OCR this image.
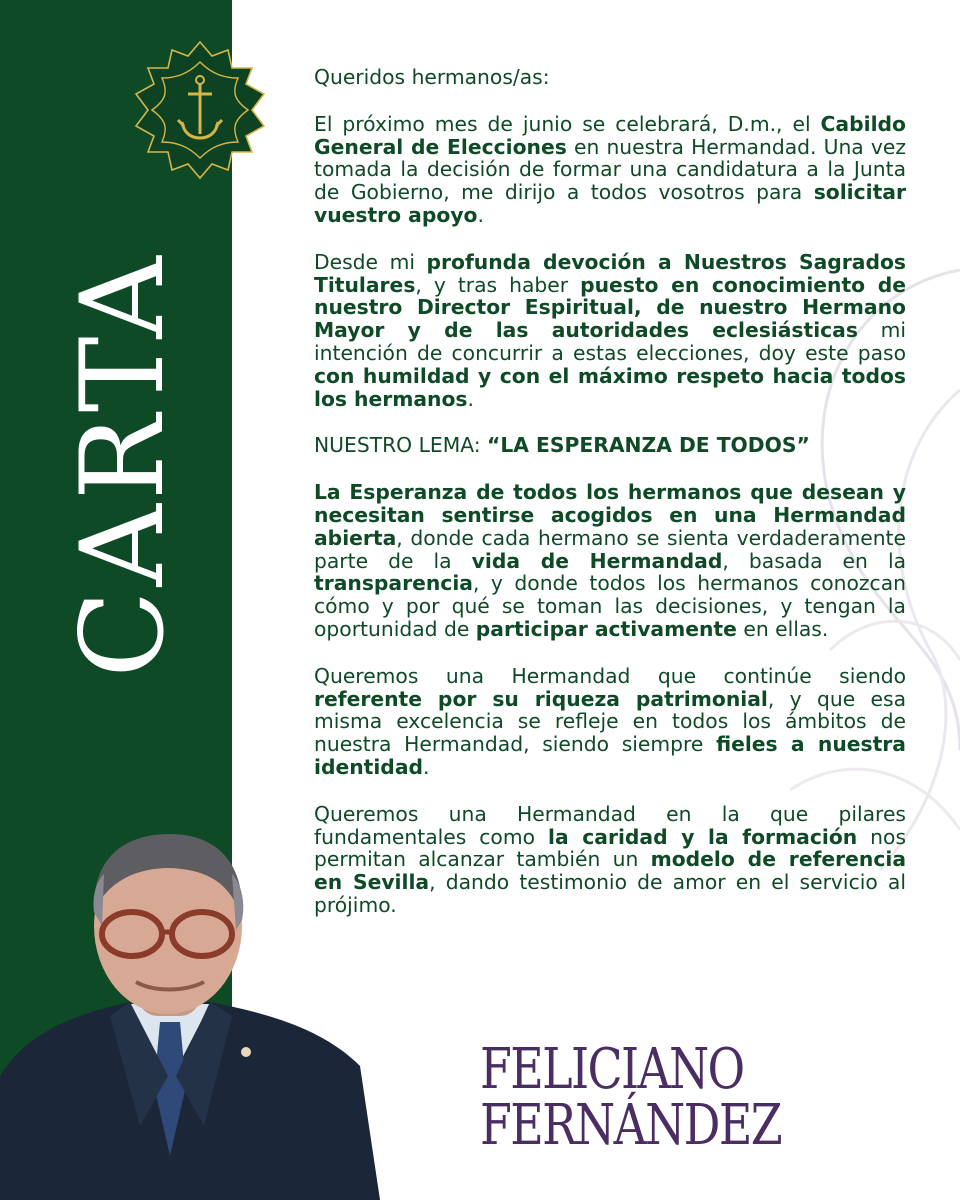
CARTA

Queridos hermanos/as:

El próximo mes de junio se celebrará, D.m., el Cabildo General de Elecciones en nuestra Hermandad. Una vez tomada la decisión de formar una candidatura a la Junta de Gobierno, me dirijo a todos vosotros para solicitar vuestro apoyo.

Desde mi profunda devoción a Nuestros Sagrados Titulares, y tras haber puesto en conocimiento de nuestro Director Espiritual, de nuestro Hermano Mayor y de las autoridades eclesiásticas mi intención de concurrir a estas elecciones, doy este paso con humildad y con el máximo respeto hacia todos los hermanos.

NUESTRO LEMA: “LA ESPERANZA DE TODOS”

La Esperanza de todos los hermanos que desean y necesitan sentirse acogidos en una Hermandad abierta, donde cada hermano se sienta verdaderamente parte de la vida de Hermandad, basada en la transparencia, y donde todos los hermanos conozcan cómo y por qué se toman las decisiones, y tengan la oportunidad de participar activamente en ellas.

Queremos una Hermandad que continúe siendo referente por su riqueza patrimonial, y que esa misma excelencia se refleje en todos los ámbitos de nuestra Hermandad, siendo siempre fieles a nuestra identidad.

Queremos una Hermandad en la que pilares fundamentales como la caridad y la formación nos permitan alcanzar también un modelo de referencia en Sevilla, dando testimonio de amor en el servicio al prójimo.

FELICIANO
FERNÁNDEZ
